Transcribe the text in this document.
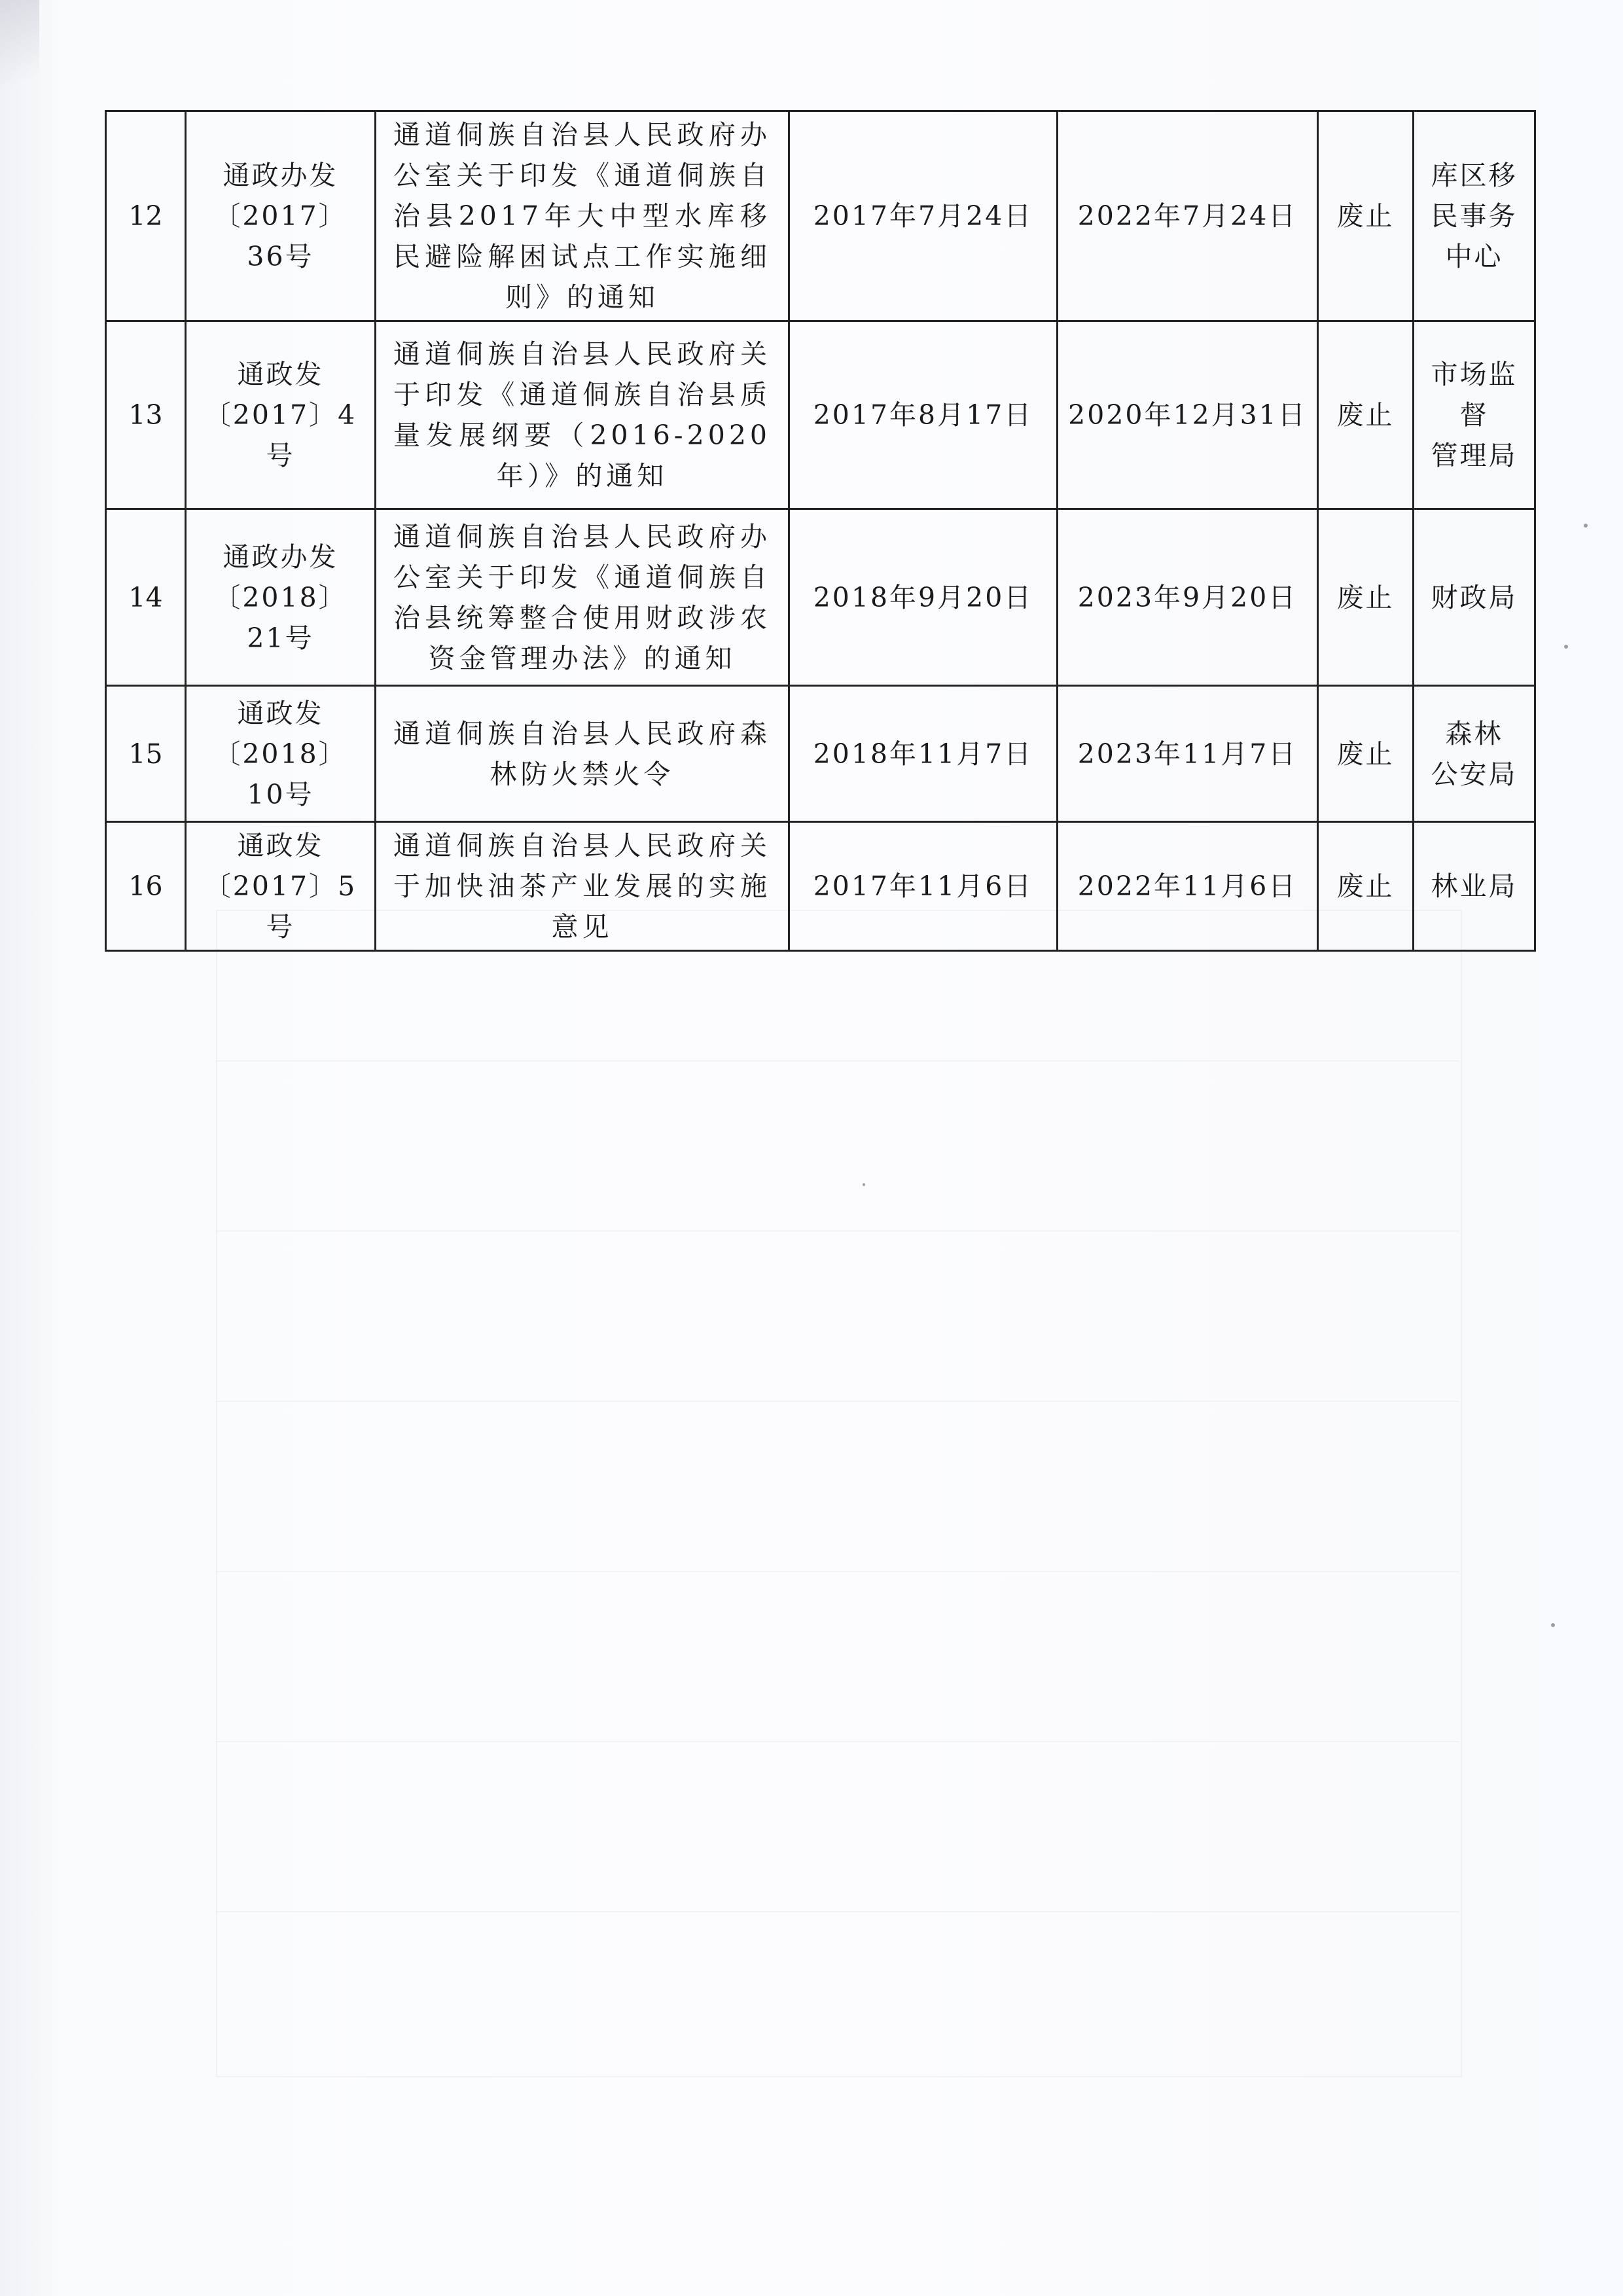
12	通政办发
〔2017〕
36号	通道侗族自治县人民政府办公室关于印发《通道侗族自治县2017年大中型水库移民避险解困试点工作实施细则》的通知	2017年7月24日	2022年7月24日	废止	库区移
民事务
中心
13	通政发
〔2017〕4号	通道侗族自治县人民政府关于印发《通道侗族自治县质量发展纲要（2016-2020年）》的通知	2017年8月17日	2020年12月31日	废止	市场监督
管理局
14	通政办发
〔2018〕
21号	通道侗族自治县人民政府办公室关于印发《通道侗族自治县统筹整合使用财政涉农资金管理办法》的通知	2018年9月20日	2023年9月20日	废止	财政局
15	通政发
〔2018〕
10号	通道侗族自治县人民政府森林防火禁火令	2018年11月7日	2023年11月7日	废止	森林
公安局
16	通政发
〔2017〕5号	通道侗族自治县人民政府关于加快油茶产业发展的实施意见	2017年11月6日	2022年11月6日	废止	林业局
